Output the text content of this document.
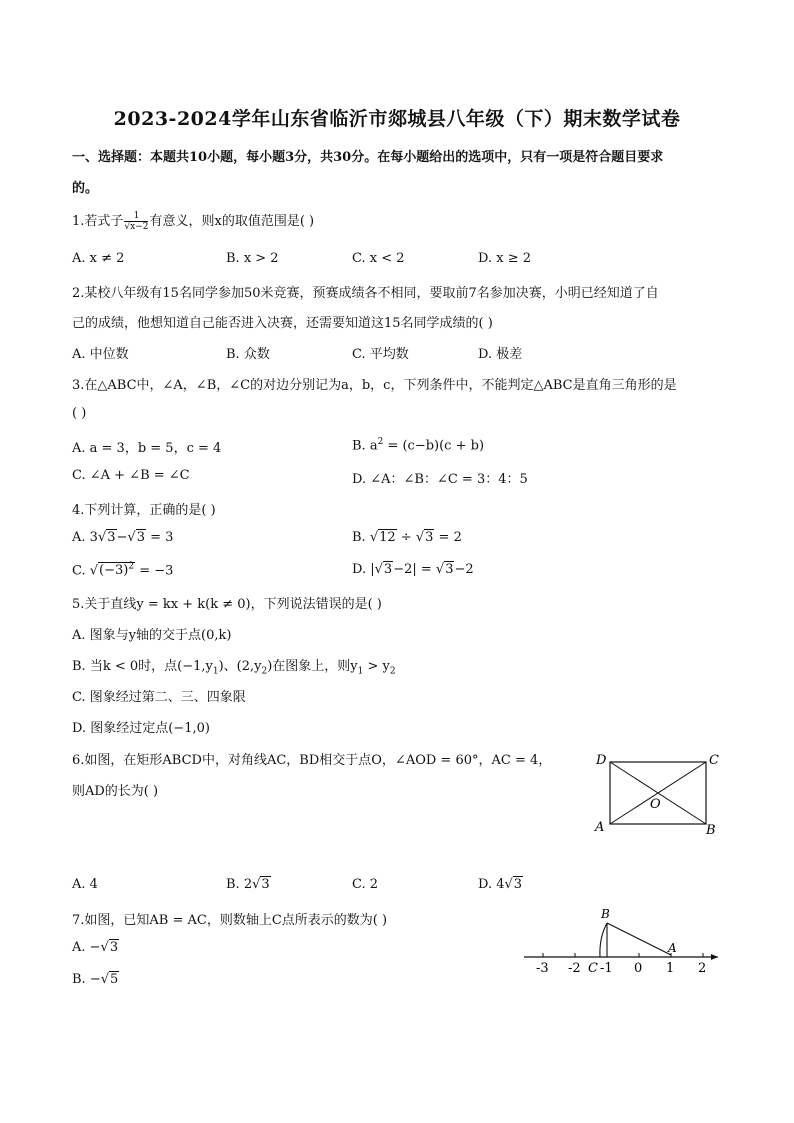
2023-2024学年山东省临沂市郯城县八年级（下）期末数学试卷
一、选择题：本题共10小题，每小题3分，共30分。在每小题给出的选项中，只有一项是符合题目要求
的。
1.若式子 $\frac{1}{√x-2}$ 有意义，则x的取值范围是( )
A. x ≠ 2	B. x > 2	C. x < 2	D. x ≥ 2
2.某校八年级有15名同学参加50米竞赛，预赛成绩各不相同，要取前7名参加决赛，小明已经知道了自
己的成绩，他想知道自己能否进入决赛，还需要知道这15名同学成绩的( )
A. 中位数	B. 众数	C. 平均数	D. 极差
3.在△ABC中，∠A，∠B，∠C的对边分别记为a，b，c，下列条件中，不能判定△ABC是直角三角形的是
( )
A. a = 3，b = 5，c = 4	B. $a^2 = (c-b)(c + b)$
C. ∠A + ∠B = ∠C	D. ∠A：∠B：∠C = 3：4：5
4.下列计算，正确的是( )
A. 3√3−√3 = 3	B. √12 ÷ √3 = 2
C. $√(-3)^2 = -3$	D. |√3−2| = √3−2
5.关于直线y = kx + k(k ≠ 0)，下列说法错误的是( )
A. 图象与y轴的交于点(0,k)
B. 当k < 0时，点$(-1,y_1)$、$(2,y_2)$在图象上，则$y_1 > y_2$
C. 图象经过第二、三、四象限
D. 图象经过定点(−1,0)
6.如图，在矩形ABCD中，对角线AC，BD相交于点O，∠AOD = 60°，AC = 4，
则AD的长为( )
D	C
A	B
O
A. 4	B. 2√3	C. 2	D. 4√3
7.如图，已知AB = AC，则数轴上C点所表示的数为( )
A. −√3
B. −√5
B
A
-3 -2 C -1 0 1 2
